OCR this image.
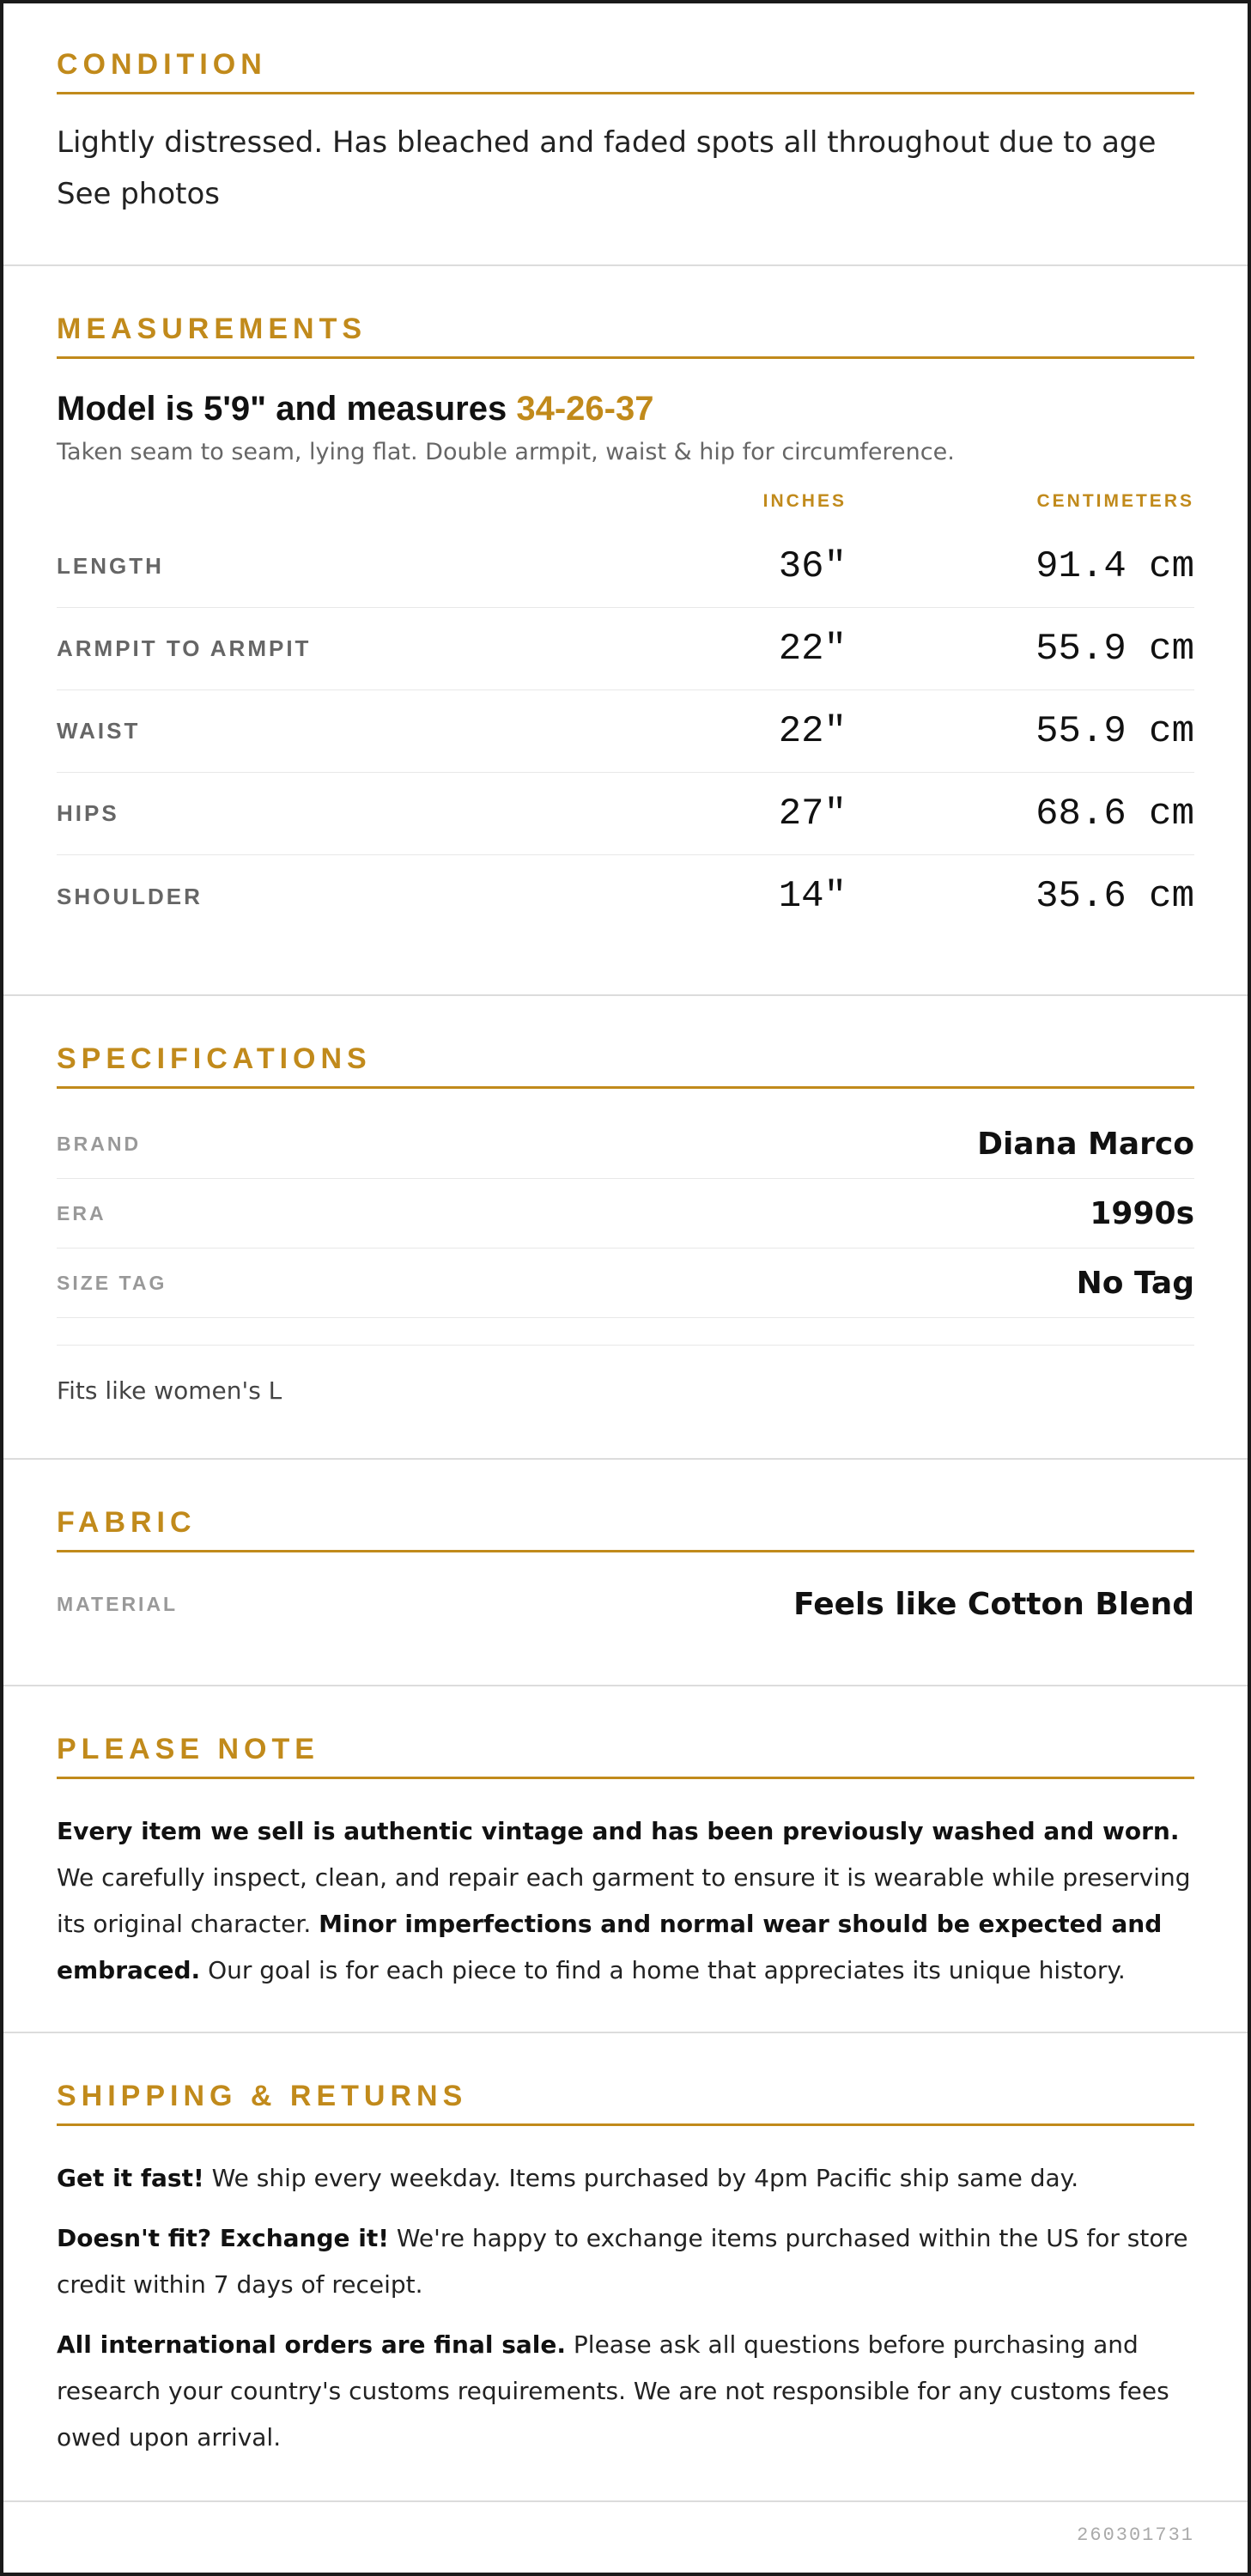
CONDITION

Lightly distressed. Has bleached and faded spots all throughout due to age See photos

MEASUREMENTS
Model is 5'9" and measures 34-26-37
Taken seam to seam, lying flat. Double armpit, waist & hip for circumference.
INCHES	CENTIMETERS
LENGTH	36"	91.4 cm
ARMPIT TO ARMPIT	22"	55.9 cm
WAIST	22"	55.9 cm
HIPS	27"	68.6 cm
SHOULDER	14"	35.6 cm
SPECIFICATIONS
BRAND	Diana Marco
ERA	1990s
SIZE TAG	No Tag

Fits like women's L

FABRIC
MATERIAL	Feels like Cotton Blend
PLEASE NOTE

Every item we sell is authentic vintage and has been previously washed and worn. We carefully inspect, clean, and repair each garment to ensure it is wearable while preserving its original character. Minor imperfections and normal wear should be expected and embraced. Our goal is for each piece to find a home that appreciates its unique history.

SHIPPING & RETURNS

Get it fast! We ship every weekday. Items purchased by 4pm Pacific ship same day.

Doesn't fit? Exchange it! We're happy to exchange items purchased within the US for store credit within 7 days of receipt.

All international orders are final sale. Please ask all questions before purchasing and research your country's customs requirements. We are not responsible for any customs fees owed upon arrival.

260301731
